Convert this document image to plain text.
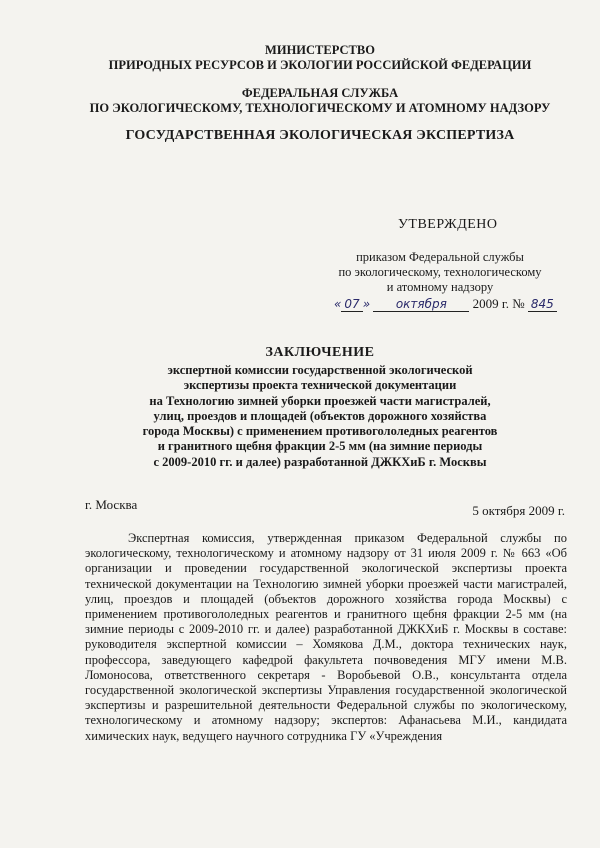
МИНИСТЕРСТВО
ПРИРОДНЫХ РЕСУРСОВ И ЭКОЛОГИИ РОССИЙСКОЙ ФЕДЕРАЦИИ
ФЕДЕРАЛЬНАЯ СЛУЖБА
ПО ЭКОЛОГИЧЕСКОМУ, ТЕХНОЛОГИЧЕСКОМУ И АТОМНОМУ НАДЗОРУ
ГОСУДАРСТВЕННАЯ ЭКОЛОГИЧЕСКАЯ ЭКСПЕРТИЗА
УТВЕРЖДЕНО
приказом Федеральной службы
по экологическому, технологическому
и атомному надзору
« 07 » октября 2009 г. № 845
ЗАКЛЮЧЕНИЕ
экспертной комиссии государственной экологической
экспертизы проекта технической документации
на Технологию зимней уборки проезжей части магистралей,
улиц, проездов и площадей (объектов дорожного хозяйства
города Москвы) с применением противогололедных реагентов
и гранитного щебня фракции 2-5 мм (на зимние периоды
с 2009-2010 гг. и далее) разработанной ДЖКХиБ г. Москвы
г. Москва	5 октября 2009 г.

Экспертная комиссия, утвержденная приказом Федеральной службы по экологическому, технологическому и атомному надзору от 31 июля 2009 г. № 663 «Об организации и проведении государственной экологической экспертизы проекта технической документации на Технологию зимней уборки проезжей части магистралей, улиц, проездов и площадей (объектов дорожного хозяйства города Москвы) с применением противогололедных реагентов и гранитного щебня фракции 2-5 мм (на зимние периоды с 2009-2010 гг. и далее) разработанной ДЖКХиБ г. Москвы в составе: руководителя экспертной комиссии – Хомякова Д.М., доктора технических наук, профессора, заведующего кафедрой факультета почвоведения МГУ имени М.В. Ломоносова, ответственного секретаря - Воробьевой О.В., консультанта отдела государственной экологической экспертизы Управления государственной экологической экспертизы и разрешительной деятельности Федеральной службы по экологическому, технологическому и атомному надзору; экспертов: Афанасьева М.И., кандидата химических наук, ведущего научного сотрудника ГУ «Учреждения
